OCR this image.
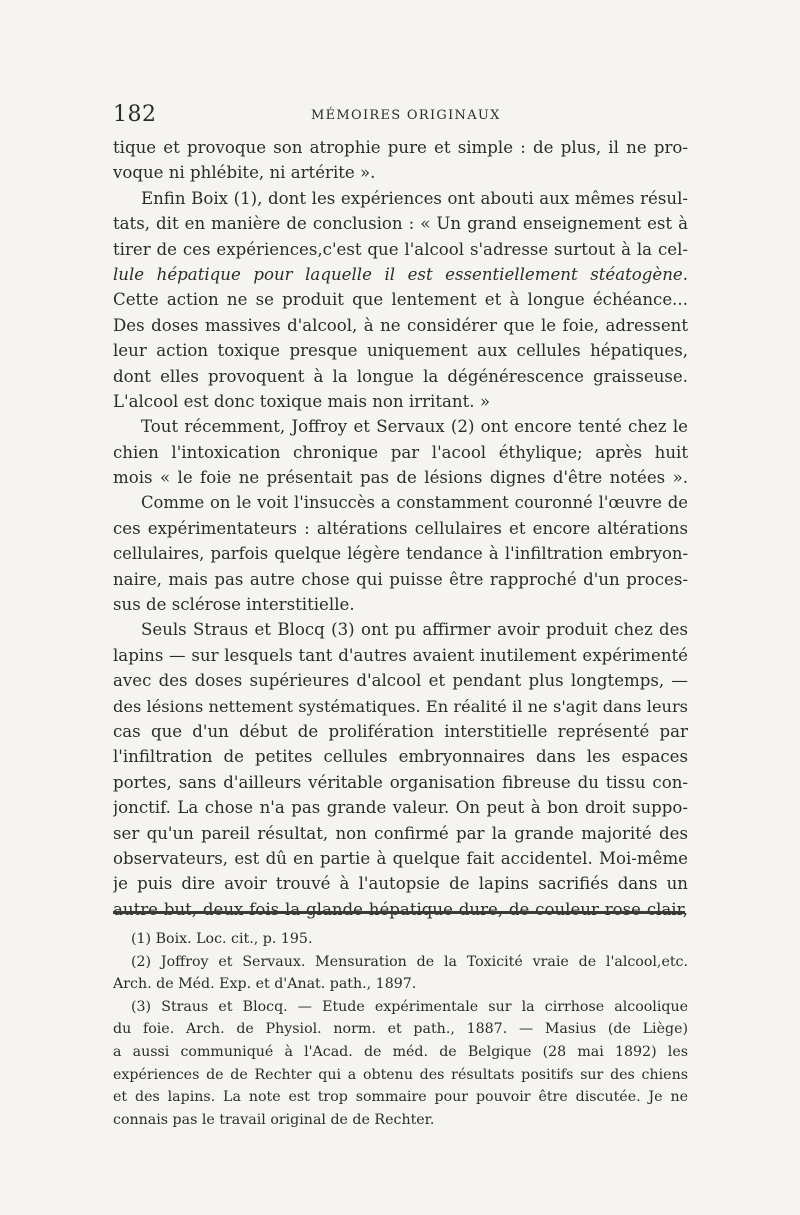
182	MÉMOIRES ORIGINAUX
tique et provoque son atrophie pure et simple : de plus, il ne pro-
voque ni phlébite, ni artérite ».
Enfin Boix (1), dont les expériences ont abouti aux mêmes résul-
tats, dit en manière de conclusion : « Un grand enseignement est à
tirer de ces expériences,c'est que l'alcool s'adresse surtout à la cel-
lule hépatique pour laquelle il est essentiellement stéatogène.
Cette action ne se produit que lentement et à longue échéance...
Des doses massives d'alcool, à ne considérer que le foie, adressent
leur action toxique presque uniquement aux cellules hépatiques,
dont elles provoquent à la longue la dégénérescence graisseuse.
L'alcool est donc toxique mais non irritant. »
Tout récemment, Joffroy et Servaux (2) ont encore tenté chez le
chien l'intoxication chronique par l'acool éthylique; après huit
mois « le foie ne présentait pas de lésions dignes d'être notées ».
Comme on le voit l'insuccès a constamment couronné l'œuvre de
ces expérimentateurs : altérations cellulaires et encore altérations
cellulaires, parfois quelque légère tendance à l'infiltration embryon-
naire, mais pas autre chose qui puisse être rapproché d'un proces-
sus de sclérose interstitielle.
Seuls Straus et Blocq (3) ont pu affirmer avoir produit chez des
lapins — sur lesquels tant d'autres avaient inutilement expérimenté
avec des doses supérieures d'alcool et pendant plus longtemps, —
des lésions nettement systématiques. En réalité il ne s'agit dans leurs
cas que d'un début de prolifération interstitielle représenté par
l'infiltration de petites cellules embryonnaires dans les espaces
portes, sans d'ailleurs véritable organisation fibreuse du tissu con-
jonctif. La chose n'a pas grande valeur. On peut à bon droit suppo-
ser qu'un pareil résultat, non confirmé par la grande majorité des
observateurs, est dû en partie à quelque fait accidentel. Moi-même
je puis dire avoir trouvé à l'autopsie de lapins sacrifiés dans un
autre but, deux fois la glande hépatique dure, de couleur rose clair,
(1) Boix. Loc. cit., p. 195.
(2) Joffroy et Servaux. Mensuration de la Toxicité vraie de l'alcool,etc.
Arch. de Méd. Exp. et d'Anat. path., 1897.
(3) Straus et Blocq. — Etude expérimentale sur la cirrhose alcoolique
du foie. Arch. de Physiol. norm. et path., 1887. — Masius (de Liège)
a aussi communiqué à l'Acad. de méd. de Belgique (28 mai 1892) les
expériences de de Rechter qui a obtenu des résultats positifs sur des chiens
et des lapins. La note est trop sommaire pour pouvoir être discutée. Je ne
connais pas le travail original de de Rechter.
